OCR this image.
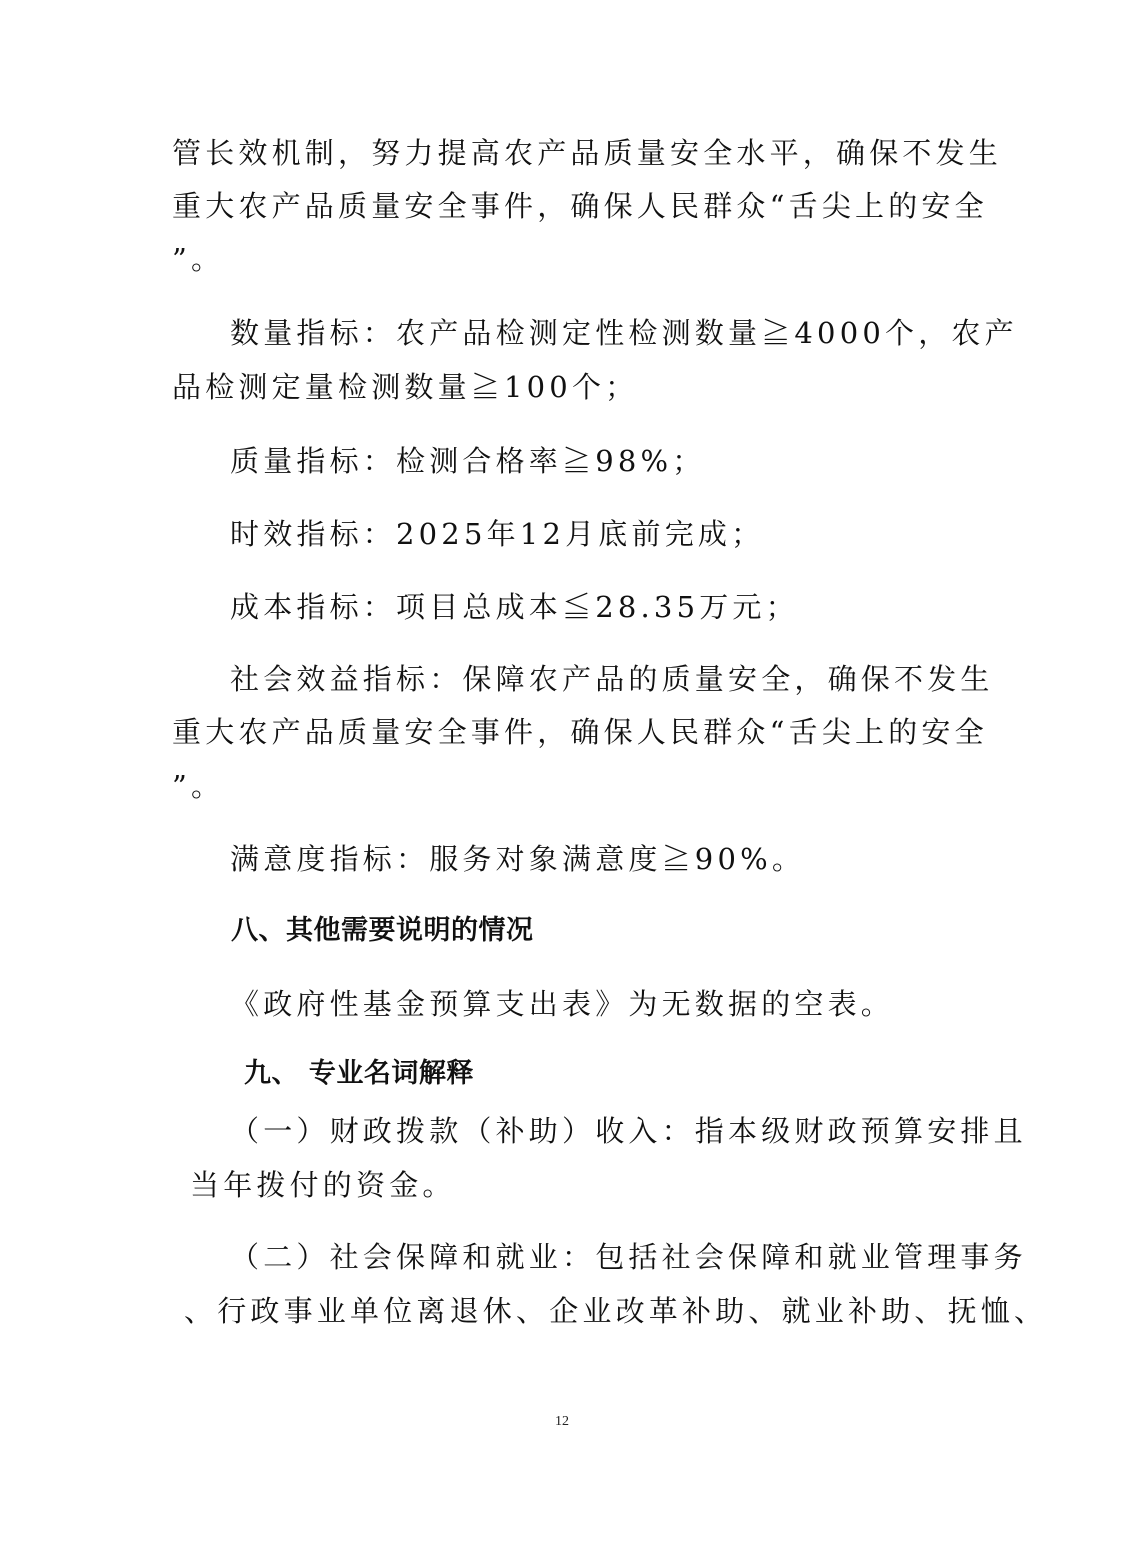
管长效机制，努力提高农产品质量安全水平，确保不发生
重大农产品质量安全事件，确保人民群众“舌尖上的安全
”。
数量指标：农产品检测定性检测数量≧4000个，农产
品检测定量检测数量≧100个；
质量指标：检测合格率≧98%；
时效指标：2025年12月底前完成；
成本指标：项目总成本≦28.35万元；
社会效益指标：保障农产品的质量安全，确保不发生
重大农产品质量安全事件，确保人民群众“舌尖上的安全
”。
满意度指标：服务对象满意度≧90%。
八、其他需要说明的情况
《政府性基金预算支出表》为无数据的空表。
九、 专业名词解释
（一）财政拨款（补助）收入：指本级财政预算安排且
当年拨付的资金。
（二）社会保障和就业：包括社会保障和就业管理事务
、行政事业单位离退休、企业改革补助、就业补助、抚恤、
12
